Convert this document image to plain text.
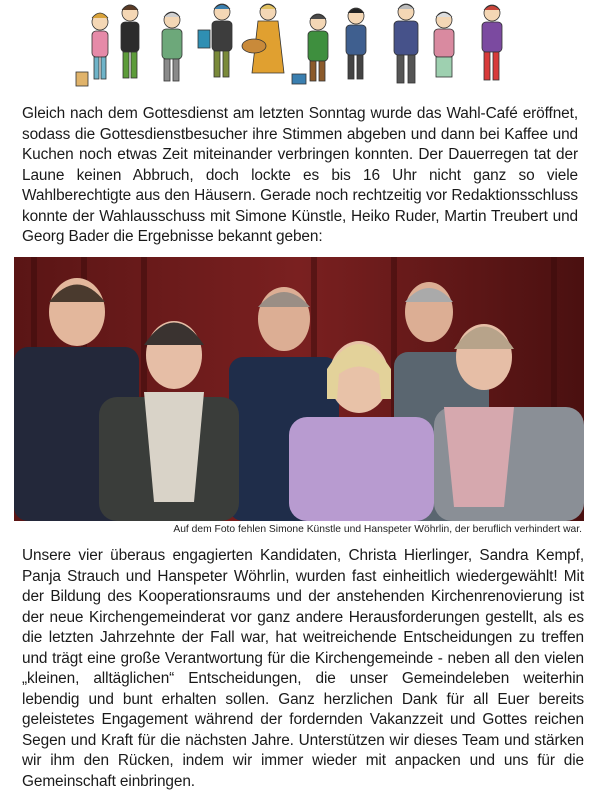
Gleich nach dem Gottesdienst am letzten Sonntag wurde das Wahl-Café eröffnet, sodass die Gottesdienstbesucher ihre Stimmen abgeben und dann bei Kaffee und Kuchen noch etwas Zeit miteinander verbringen konnten. Der Dauerregen tat der Laune keinen Abbruch, doch lockte es bis 16 Uhr nicht ganz so viele Wahlberechtigte aus den Häusern. Gerade noch rechtzeitig vor Redaktionsschluss konnte der Wahlausschuss mit Simone Künstle, Heiko Ruder, Martin Treubert und Georg Bader die Ergebnisse bekannt geben:

Auf dem Foto fehlen Simone Künstle und Hanspeter Wöhrlin, der beruflich verhindert war.

Unsere vier überaus engagierten Kandidaten, Christa Hierlinger, Sandra Kempf, Panja Strauch und Hanspeter Wöhrlin, wurden fast einheitlich wiedergewählt! Mit der Bildung des Kooperationsraums und der anstehenden Kirchenrenovierung ist der neue Kirchengemeinderat vor ganz andere Herausforderungen gestellt, als es die letzten Jahrzehnte der Fall war, hat weitreichende Entscheidungen zu treffen und trägt eine große Verantwortung für die Kirchengemeinde - neben all den vielen „kleinen, alltäglichen“ Entscheidungen, die unser Gemeindeleben weiterhin lebendig und bunt erhalten sollen. Ganz herzlichen Dank für all Euer bereits geleistetes Engagement während der fordernden Vakanzzeit und Gottes reichen Segen und Kraft für die nächsten Jahre. Unterstützen wir dieses Team und stärken wir ihm den Rücken, indem wir immer wieder mit anpacken und uns für die Gemeinschaft einbringen.
